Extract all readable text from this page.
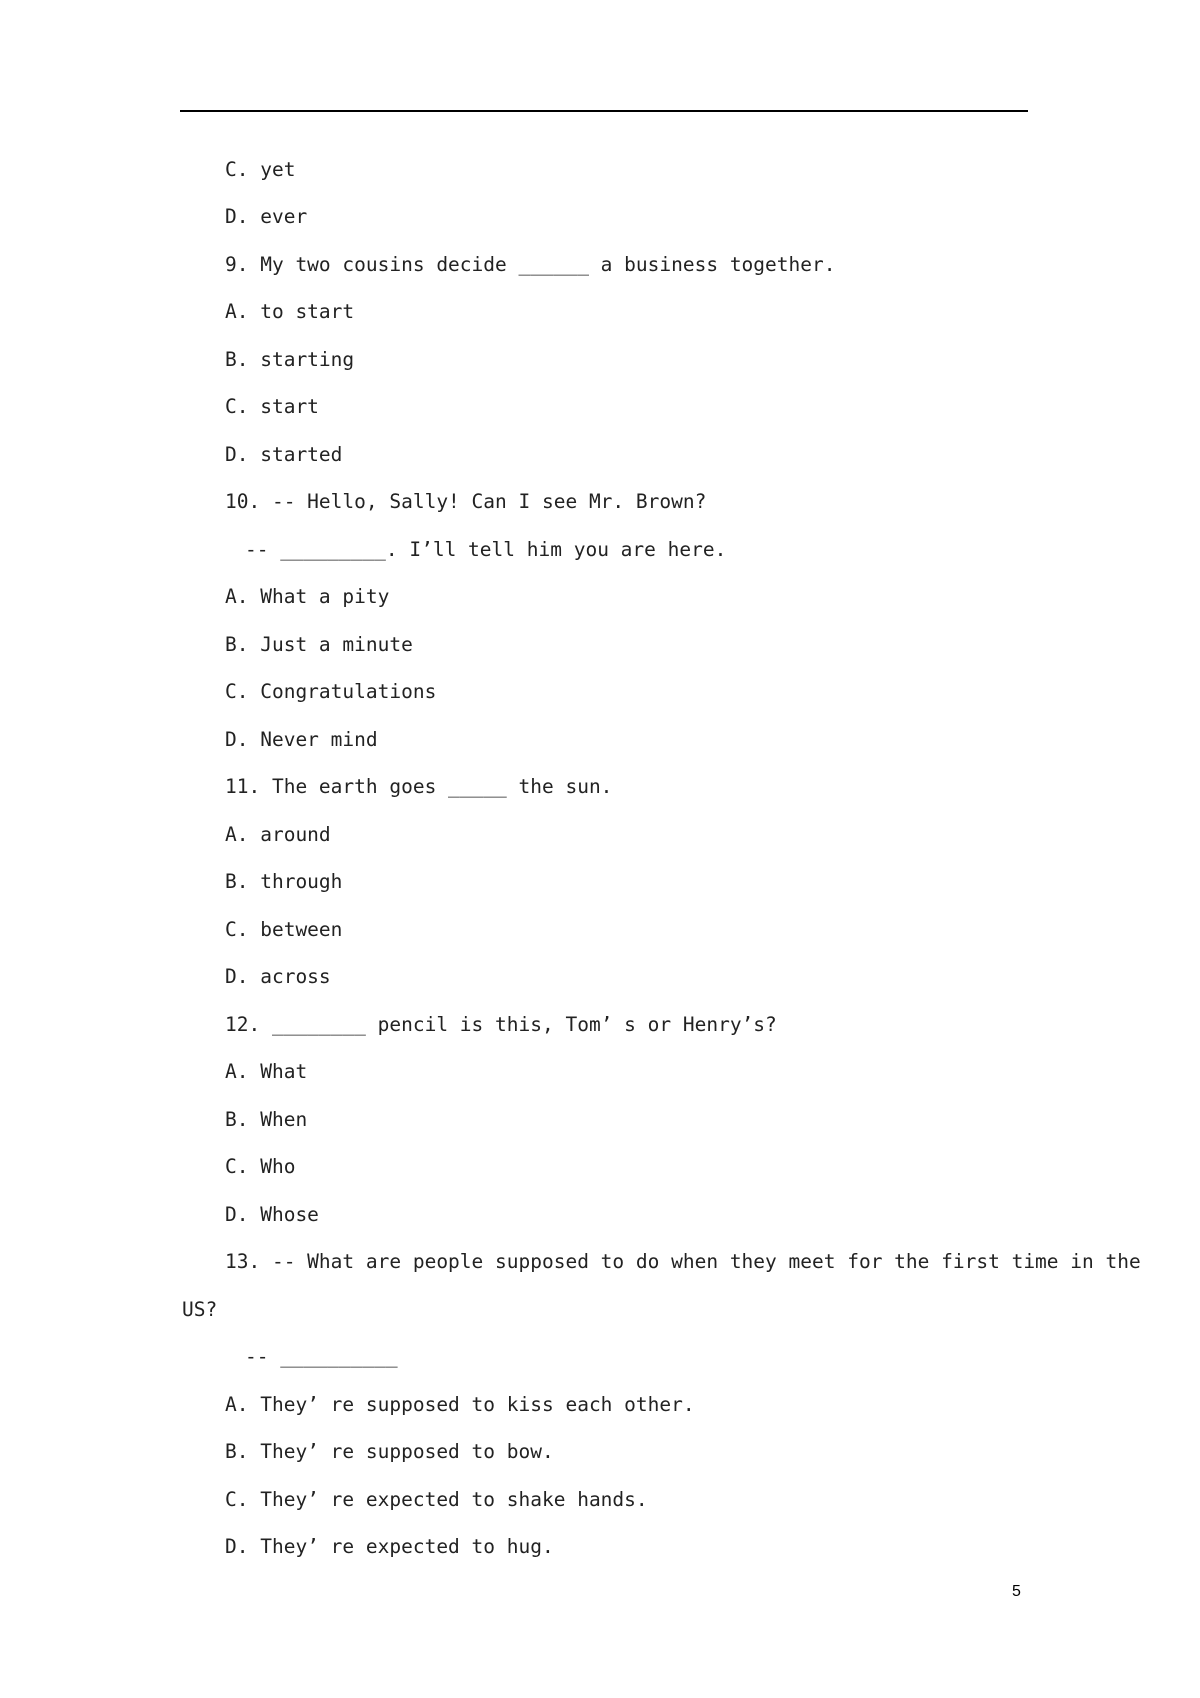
C. yet
D. ever
9. My two cousins decide ______ a business together.
A. to start
B. starting
C. start
D. started
10. -- Hello, Sally! Can I see Mr. Brown?
-- _________. I’ll tell him you are here.
A. What a pity
B. Just a minute
C. Congratulations
D. Never mind
11. The earth goes _____ the sun.
A. around
B. through
C. between
D. across
12. ________ pencil is this, Tom’ s or Henry’s?
A. What
B. When
C. Who
D. Whose
13. -- What are people supposed to do when they meet for the first time in the
US?
-- __________
A. They’ re supposed to kiss each other.
B. They’ re supposed to bow.
C. They’ re expected to shake hands.
D. They’ re expected to hug.
5
